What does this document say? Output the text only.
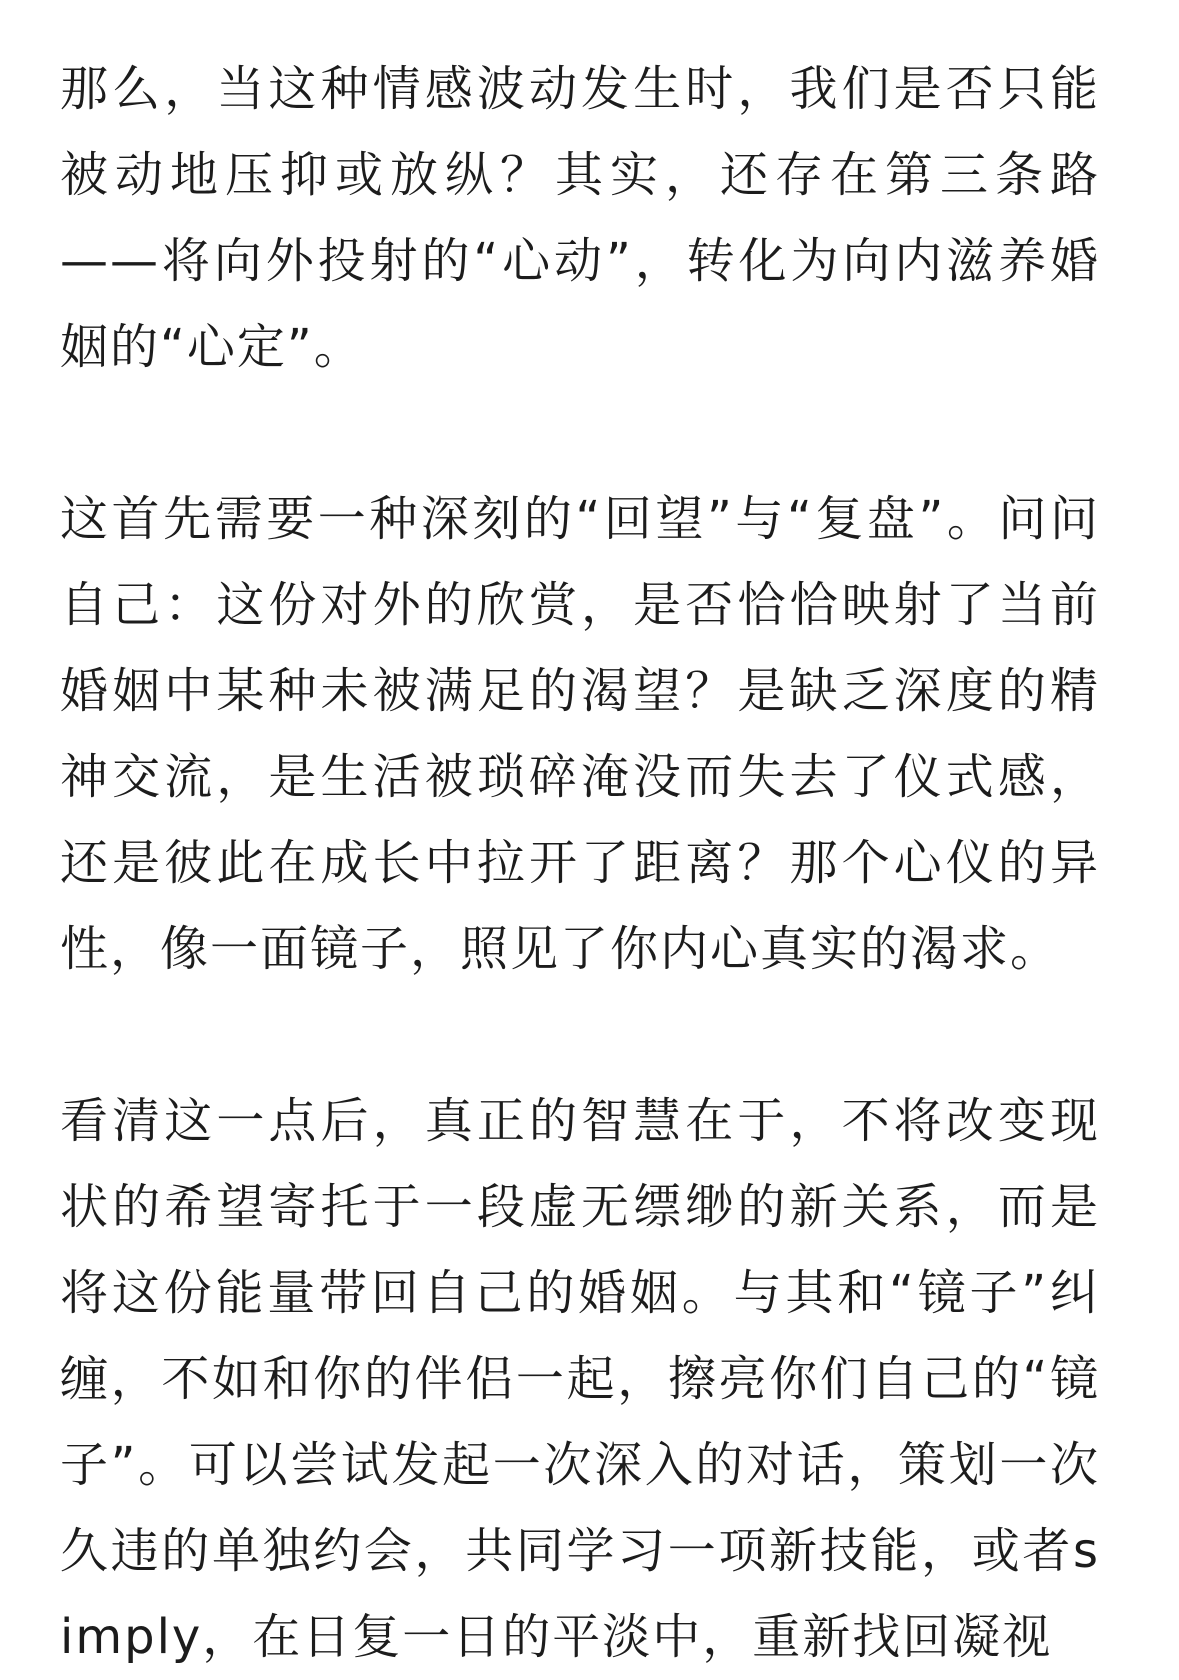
那么，当这种情感波动发生时，我们是否只能被动地压抑或放纵？其实，还存在第三条路——将向外投射的“心动”，转化为向内滋养婚姻的“心定”。

这首先需要一种深刻的“回望”与“复盘”。问问自己：这份对外的欣赏，是否恰恰映射了当前婚姻中某种未被满足的渴望？是缺乏深度的精神交流，是生活被琐碎淹没而失去了仪式感，还是彼此在成长中拉开了距离？那个心仪的异性，像一面镜子，照见了你内心真实的渴求。

看清这一点后，真正的智慧在于，不将改变现状的希望寄托于一段虚无缥缈的新关系，而是将这份能量带回自己的婚姻。与其和“镜子”纠缠，不如和你的伴侣一起，擦亮你们自己的“镜子”。可以尝试发起一次深入的对话，策划一次久违的单独约会，共同学习一项新技能，或者simply，在日复一日的平淡中，重新找回凝视
